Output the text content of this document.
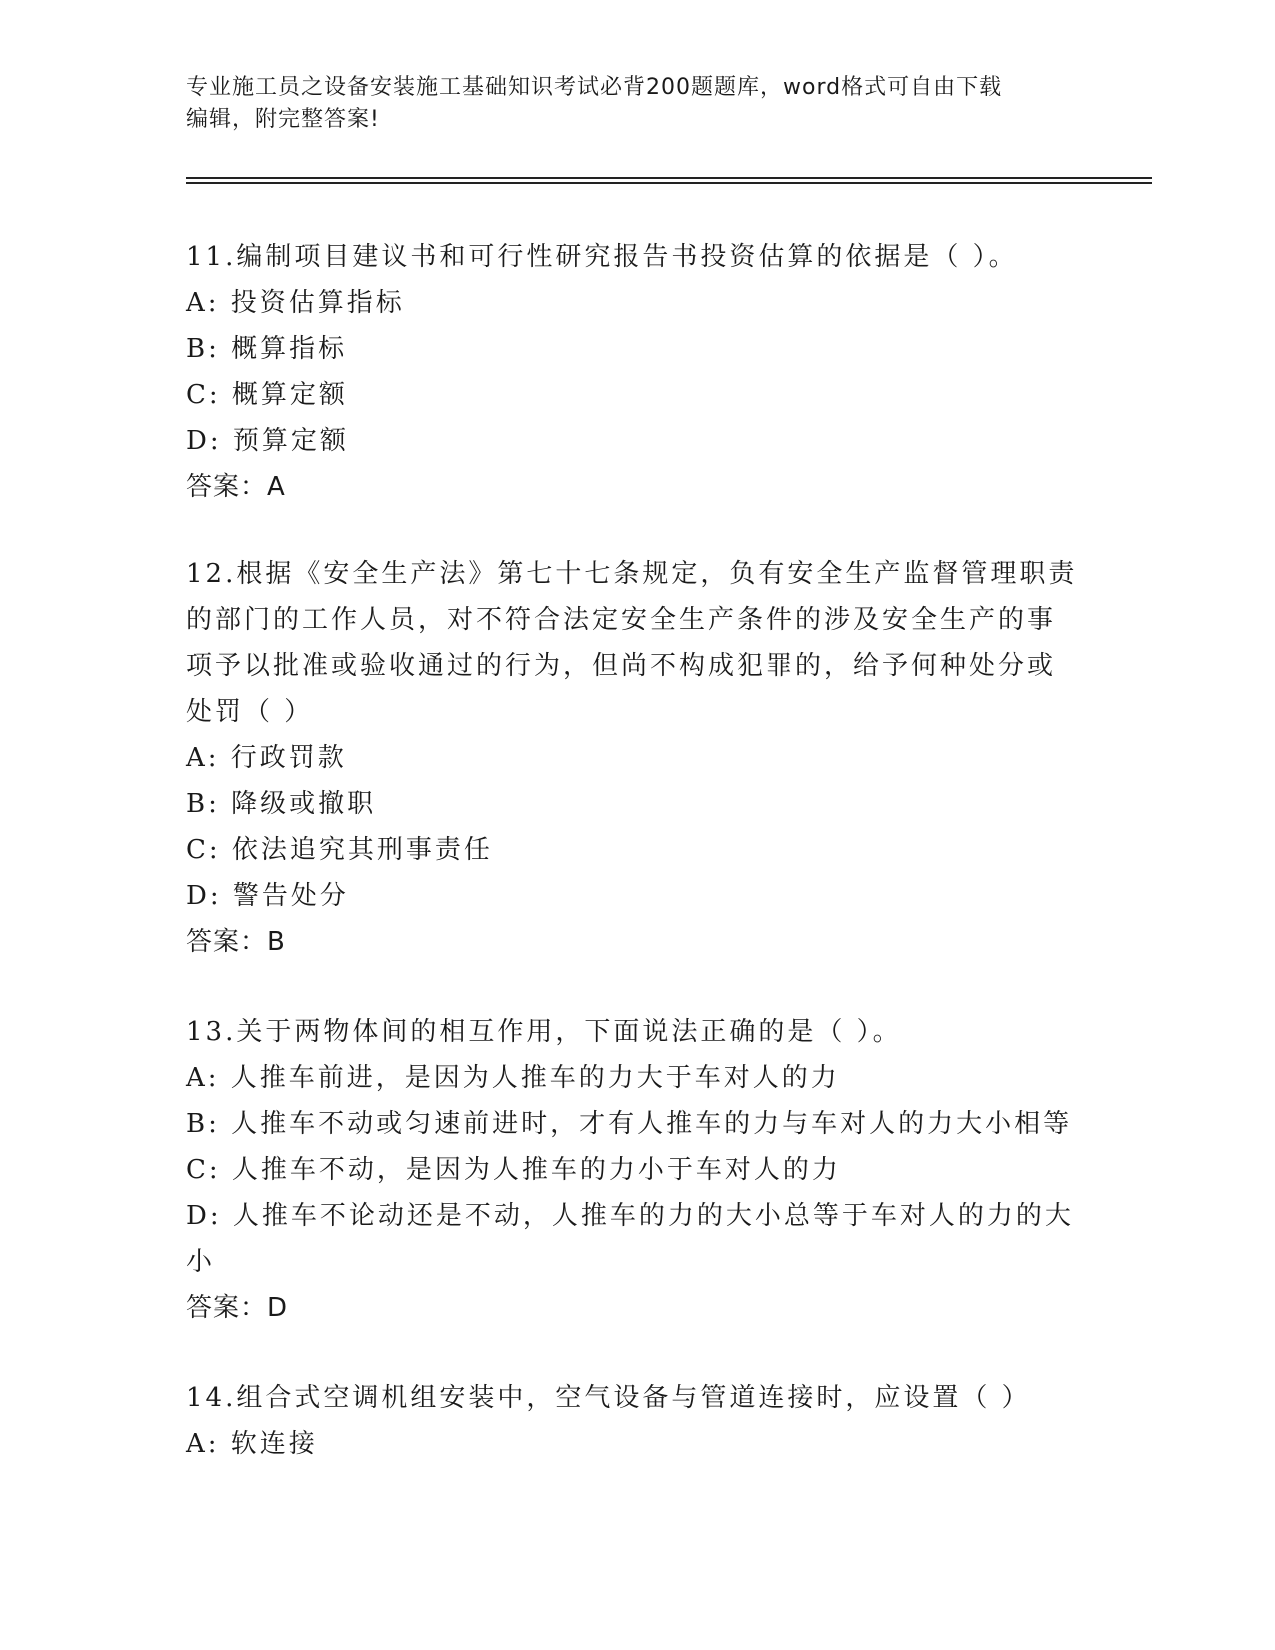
专业施工员之设备安装施工基础知识考试必背200题题库，word格式可自由下载
编辑，附完整答案!
11.编制项目建议书和可行性研究报告书投资估算的依据是（ ）。
A: 投资估算指标
B: 概算指标
C: 概算定额
D: 预算定额
答案：A
12.根据《安全生产法》第七十七条规定，负有安全生产监督管理职责
的部门的工作人员，对不符合法定安全生产条件的涉及安全生产的事
项予以批准或验收通过的行为，但尚不构成犯罪的，给予何种处分或
处罚（ ）
A: 行政罚款
B: 降级或撤职
C: 依法追究其刑事责任
D: 警告处分
答案：B
13.关于两物体间的相互作用，下面说法正确的是（ ）。
A: 人推车前进，是因为人推车的力大于车对人的力
B: 人推车不动或匀速前进时，才有人推车的力与车对人的力大小相等
C: 人推车不动，是因为人推车的力小于车对人的力
D: 人推车不论动还是不动，人推车的力的大小总等于车对人的力的大
小
答案：D
14.组合式空调机组安装中，空气设备与管道连接时，应设置（ ）
A: 软连接
